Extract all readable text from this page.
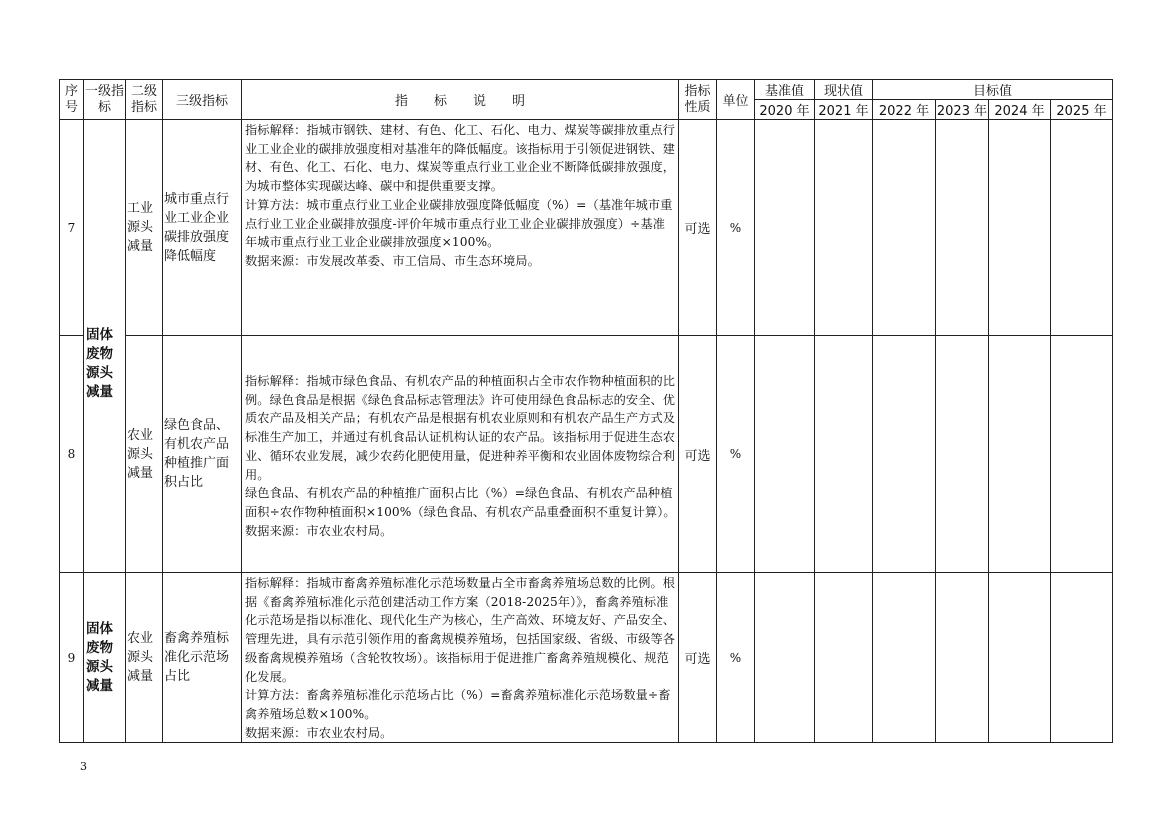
序号	一级指标	二级指标	三级指标	指　　标　　说　　明	指标性质	单位	基准值	现状值	目标值			
							2020 年	2021 年	2022 年	2023 年	2024 年	2025 年
7	固体废物源头减量	工业源头减量	城市重点行业工业企业碳排放强度降低幅度	指标解释：指城市钢铁、建材、有色、化工、石化、电力、煤炭等碳排放重点行业工业企业的碳排放强度相对基准年的降低幅度。该指标用于引领促进钢铁、建材、有色、化工、石化、电力、煤炭等重点行业工业企业不断降低碳排放强度，为城市整体实现碳达峰、碳中和提供重要支撑。
计算方法：城市重点行业工业企业碳排放强度降低幅度（%）=（基准年城市重点行业工业企业碳排放强度-评价年城市重点行业工业企业碳排放强度）÷基准年城市重点行业工业企业碳排放强度×100%。
数据来源：市发展改革委、市工信局、市生态环境局。	可选	%						
8		农业源头减量	绿色食品、有机农产品种植推广面积占比	指标解释：指城市绿色食品、有机农产品的种植面积占全市农作物种植面积的比例。绿色食品是根据《绿色食品标志管理法》许可使用绿色食品标志的安全、优质农产品及相关产品；有机农产品是根据有机农业原则和有机农产品生产方式及标准生产加工，并通过有机食品认证机构认证的农产品。该指标用于促进生态农业、循环农业发展，减少农药化肥使用量，促进种养平衡和农业固体废物综合利用。
绿色食品、有机农产品的种植推广面积占比（%）=绿色食品、有机农产品种植面积÷农作物种植面积×100%（绿色食品、有机农产品重叠面积不重复计算）。
数据来源：市农业农村局。	可选	%						
9	固体废物源头减量	农业源头减量	畜禽养殖标准化示范场占比	指标解释：指城市畜禽养殖标准化示范场数量占全市畜禽养殖场总数的比例。根据《畜禽养殖标准化示范创建活动工作方案（2018-2025年）》，畜禽养殖标准化示范场是指以标准化、现代化生产为核心，生产高效、环境友好、产品安全、管理先进，具有示范引领作用的畜禽规模养殖场，包括国家级、省级、市级等各级畜禽规模养殖场（含轮牧牧场）。该指标用于促进推广畜禽养殖规模化、规范化发展。
计算方法：畜禽养殖标准化示范场占比（%）=畜禽养殖标准化示范场数量÷畜禽养殖场总数×100%。
数据来源：市农业农村局。	可选	%						
3
